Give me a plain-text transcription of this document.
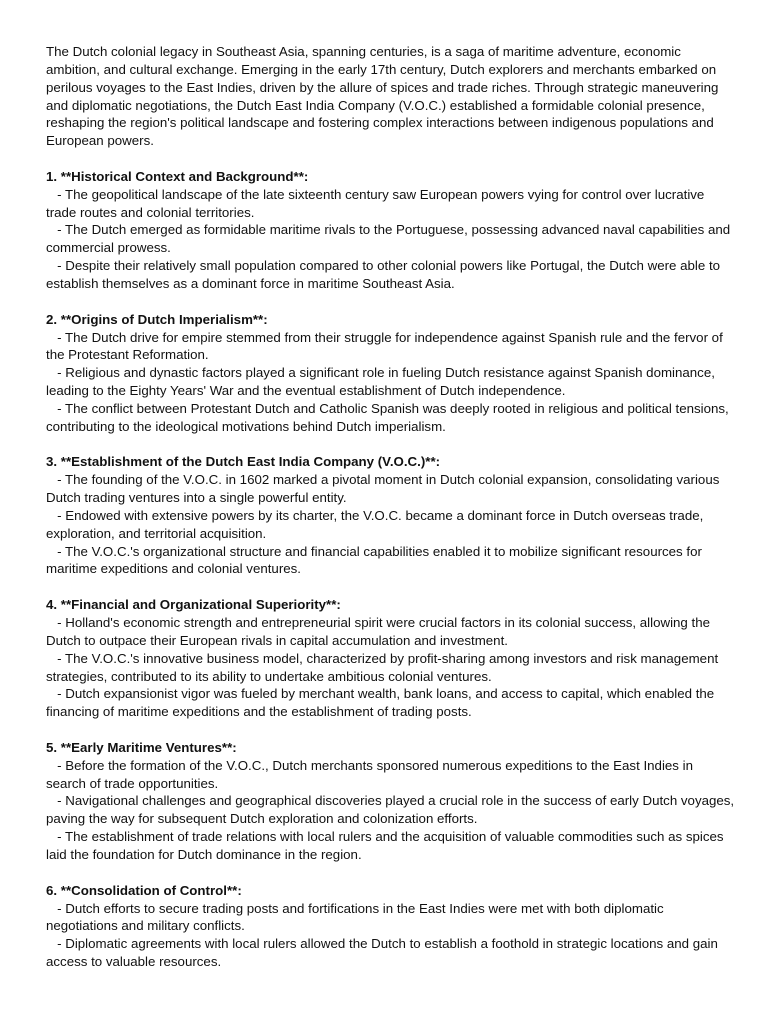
The Dutch colonial legacy in Southeast Asia, spanning centuries, is a saga of maritime adventure, economic ambition, and cultural exchange. Emerging in the early 17th century, Dutch explorers and merchants embarked on perilous voyages to the East Indies, driven by the allure of spices and trade riches. Through strategic maneuvering and diplomatic negotiations, the Dutch East India Company (V.O.C.) established a formidable colonial presence, reshaping the region's political landscape and fostering complex interactions between indigenous populations and European powers.

1. **Historical Context and Background**:

- The geopolitical landscape of the late sixteenth century saw European powers vying for control over lucrative trade routes and colonial territories.

- The Dutch emerged as formidable maritime rivals to the Portuguese, possessing advanced naval capabilities and commercial prowess.

- Despite their relatively small population compared to other colonial powers like Portugal, the Dutch were able to establish themselves as a dominant force in maritime Southeast Asia.

2. **Origins of Dutch Imperialism**:

- The Dutch drive for empire stemmed from their struggle for independence against Spanish rule and the fervor of the Protestant Reformation.

- Religious and dynastic factors played a significant role in fueling Dutch resistance against Spanish dominance, leading to the Eighty Years' War and the eventual establishment of Dutch independence.

- The conflict between Protestant Dutch and Catholic Spanish was deeply rooted in religious and political tensions, contributing to the ideological motivations behind Dutch imperialism.

3. **Establishment of the Dutch East India Company (V.O.C.)**:

- The founding of the V.O.C. in 1602 marked a pivotal moment in Dutch colonial expansion, consolidating various Dutch trading ventures into a single powerful entity.

- Endowed with extensive powers by its charter, the V.O.C. became a dominant force in Dutch overseas trade, exploration, and territorial acquisition.

- The V.O.C.'s organizational structure and financial capabilities enabled it to mobilize significant resources for maritime expeditions and colonial ventures.

4. **Financial and Organizational Superiority**:

- Holland's economic strength and entrepreneurial spirit were crucial factors in its colonial success, allowing the Dutch to outpace their European rivals in capital accumulation and investment.

- The V.O.C.'s innovative business model, characterized by profit-sharing among investors and risk management strategies, contributed to its ability to undertake ambitious colonial ventures.

- Dutch expansionist vigor was fueled by merchant wealth, bank loans, and access to capital, which enabled the financing of maritime expeditions and the establishment of trading posts.

5. **Early Maritime Ventures**:

- Before the formation of the V.O.C., Dutch merchants sponsored numerous expeditions to the East Indies in search of trade opportunities.

- Navigational challenges and geographical discoveries played a crucial role in the success of early Dutch voyages, paving the way for subsequent Dutch exploration and colonization efforts.

- The establishment of trade relations with local rulers and the acquisition of valuable commodities such as spices laid the foundation for Dutch dominance in the region.

6. **Consolidation of Control**:

- Dutch efforts to secure trading posts and fortifications in the East Indies were met with both diplomatic negotiations and military conflicts.

- Diplomatic agreements with local rulers allowed the Dutch to establish a foothold in strategic locations and gain access to valuable resources.
